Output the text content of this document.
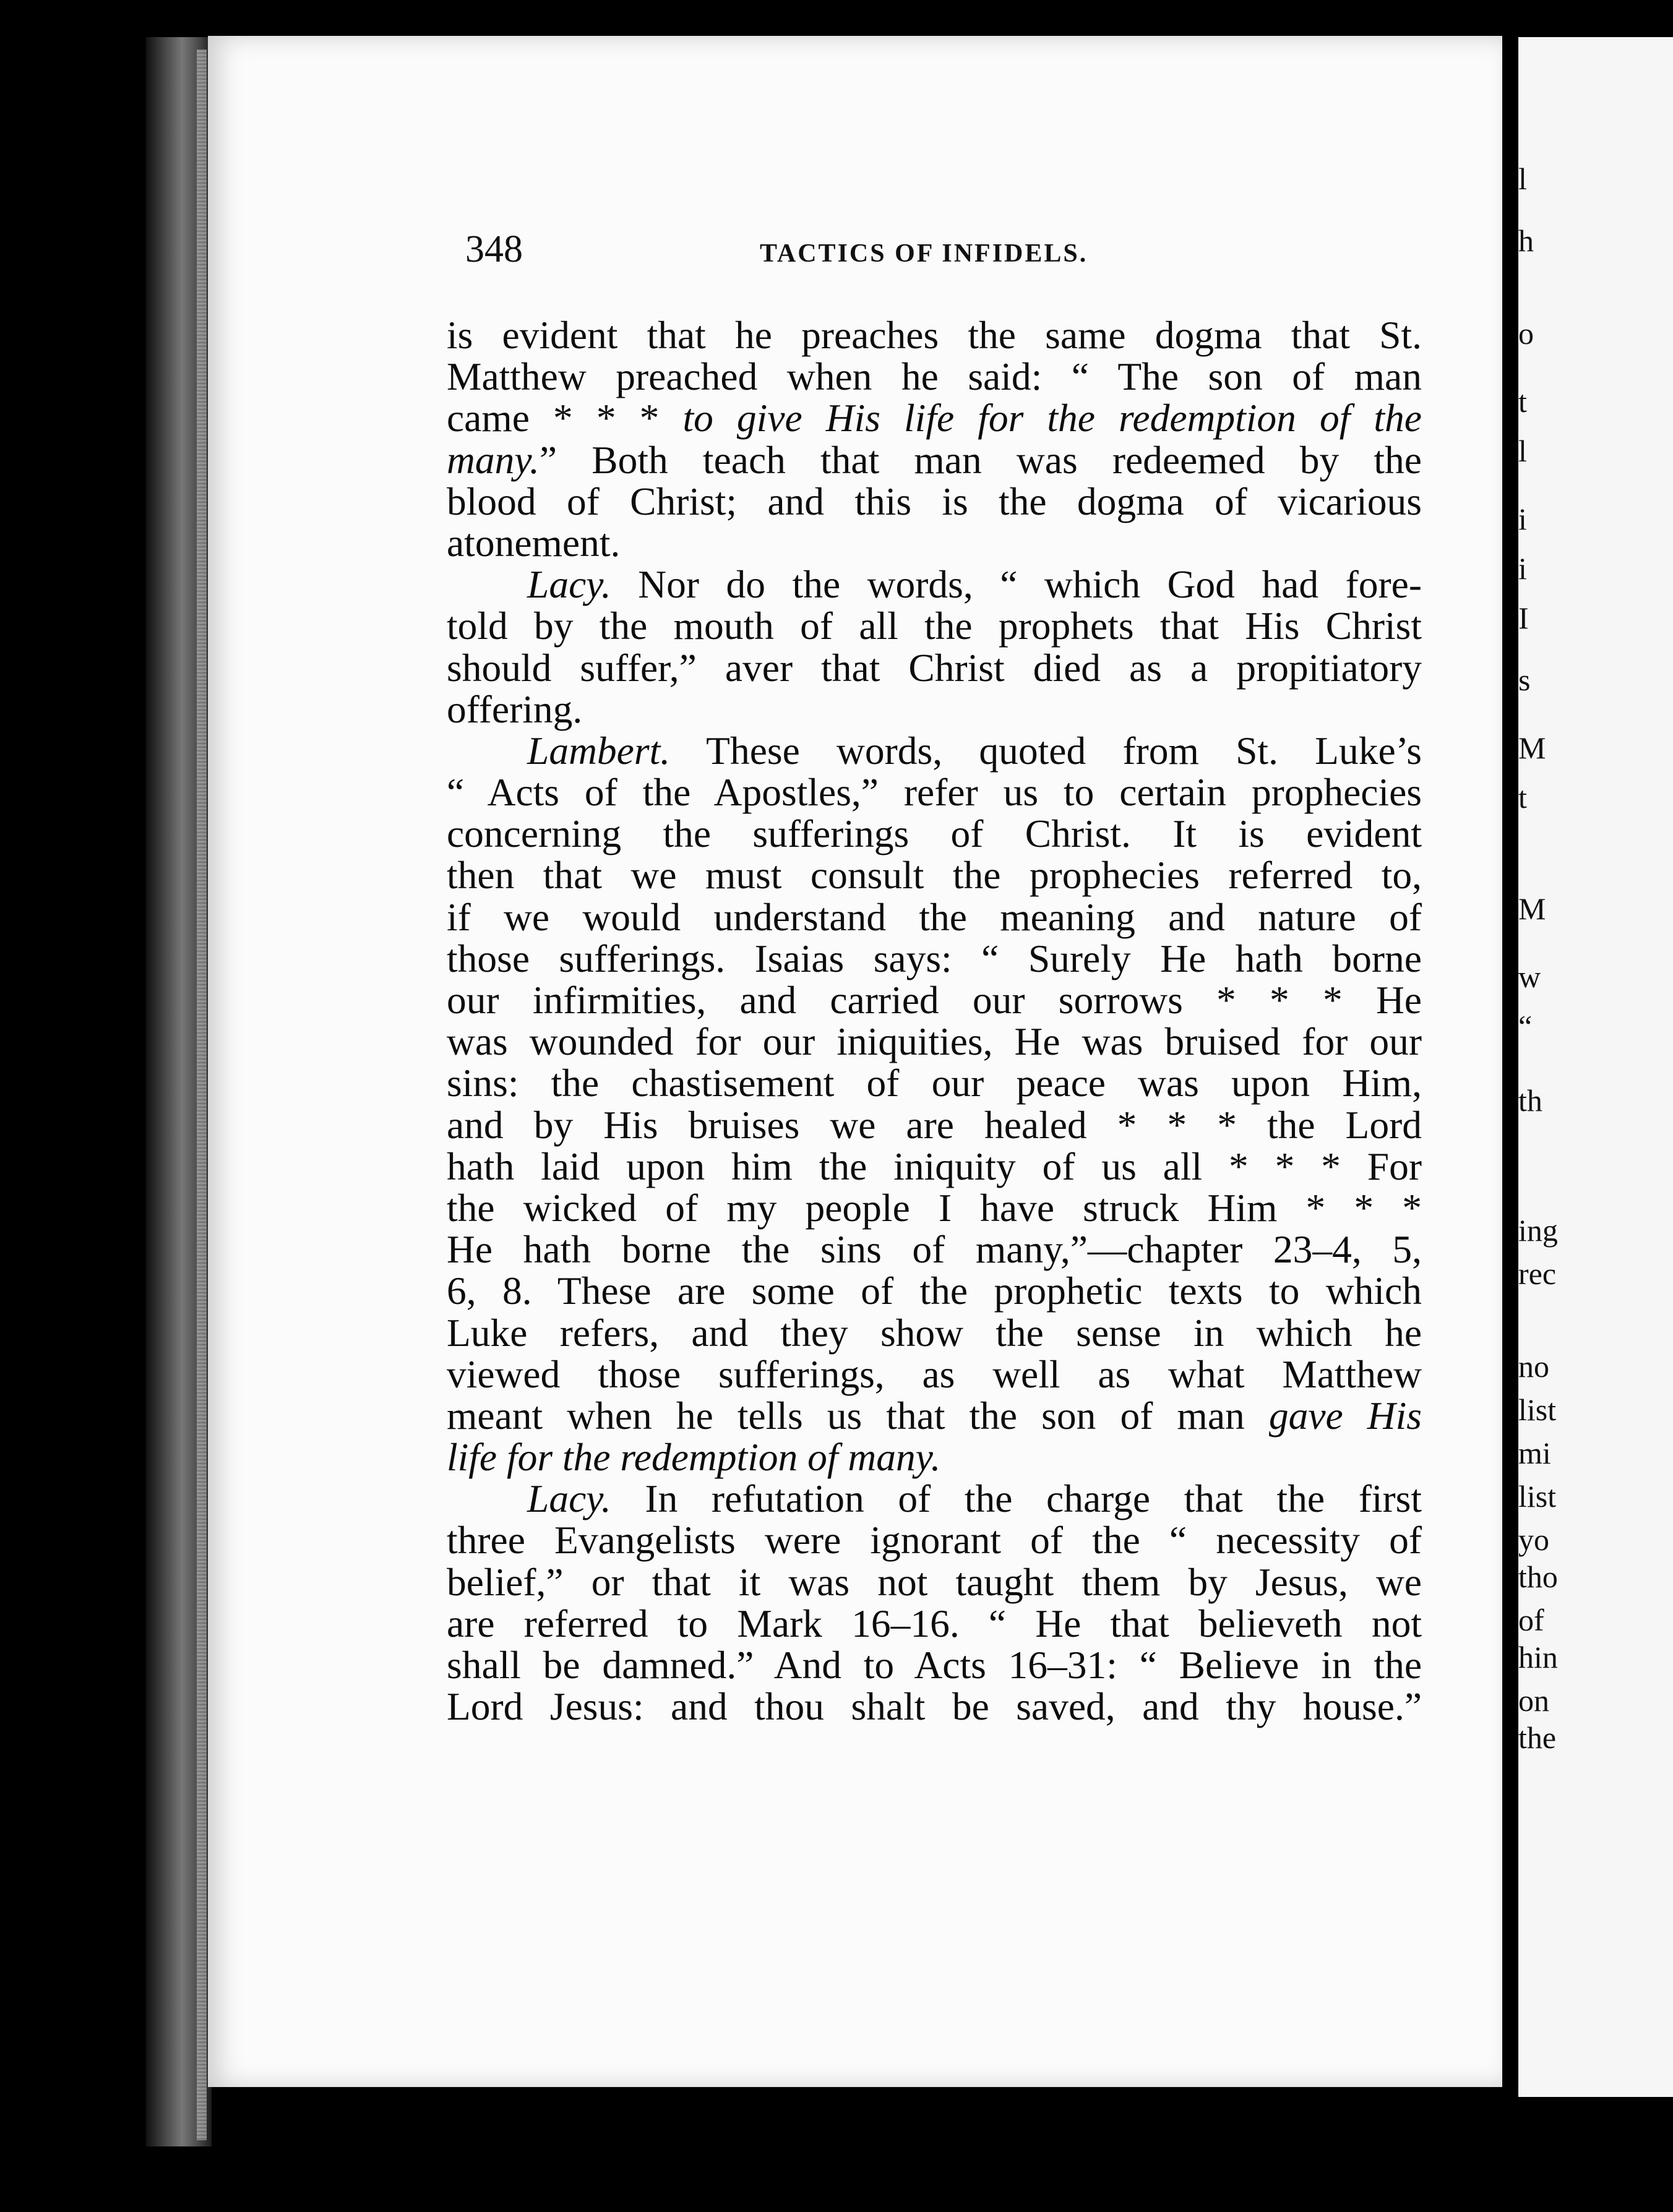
l
h
o
t
l
i
i
I
s
M
t
M
w
“
th
ing
rec
no
list
mi
list
yo
tho
of
hin
on
the
348	TACTICS OF INFIDELS.
is evident that he preaches the same dogma that St.
Matthew preached when he said: “ The son of man
came * * * to give His life for the redemption of the
many.” Both teach that man was redeemed by the
blood of Christ; and this is the dogma of vicarious
atonement.
Lacy. Nor do the words, “ which God had fore-
told by the mouth of all the prophets that His Christ
should suffer,” aver that Christ died as a propitiatory
offering.
Lambert. These words, quoted from St. Luke’s
“ Acts of the Apostles,” refer us to certain prophecies
concerning the sufferings of Christ. It is evident
then that we must consult the prophecies referred to,
if we would understand the meaning and nature of
those sufferings. Isaias says: “ Surely He hath borne
our infirmities, and carried our sorrows * * * He
was wounded for our iniquities, He was bruised for our
sins: the chastisement of our peace was upon Him,
and by His bruises we are healed * * * the Lord
hath laid upon him the iniquity of us all * * * For
the wicked of my people I have struck Him * * *
He hath borne the sins of many,”—chapter 23–4, 5,
6, 8. These are some of the prophetic texts to which
Luke refers, and they show the sense in which he
viewed those sufferings, as well as what Matthew
meant when he tells us that the son of man gave His
life for the redemption of many.
Lacy. In refutation of the charge that the first
three Evangelists were ignorant of the “ necessity of
belief,” or that it was not taught them by Jesus, we
are referred to Mark 16–16. “ He that believeth not
shall be damned.” And to Acts 16–31: “ Believe in the
Lord Jesus: and thou shalt be saved, and thy house.”
